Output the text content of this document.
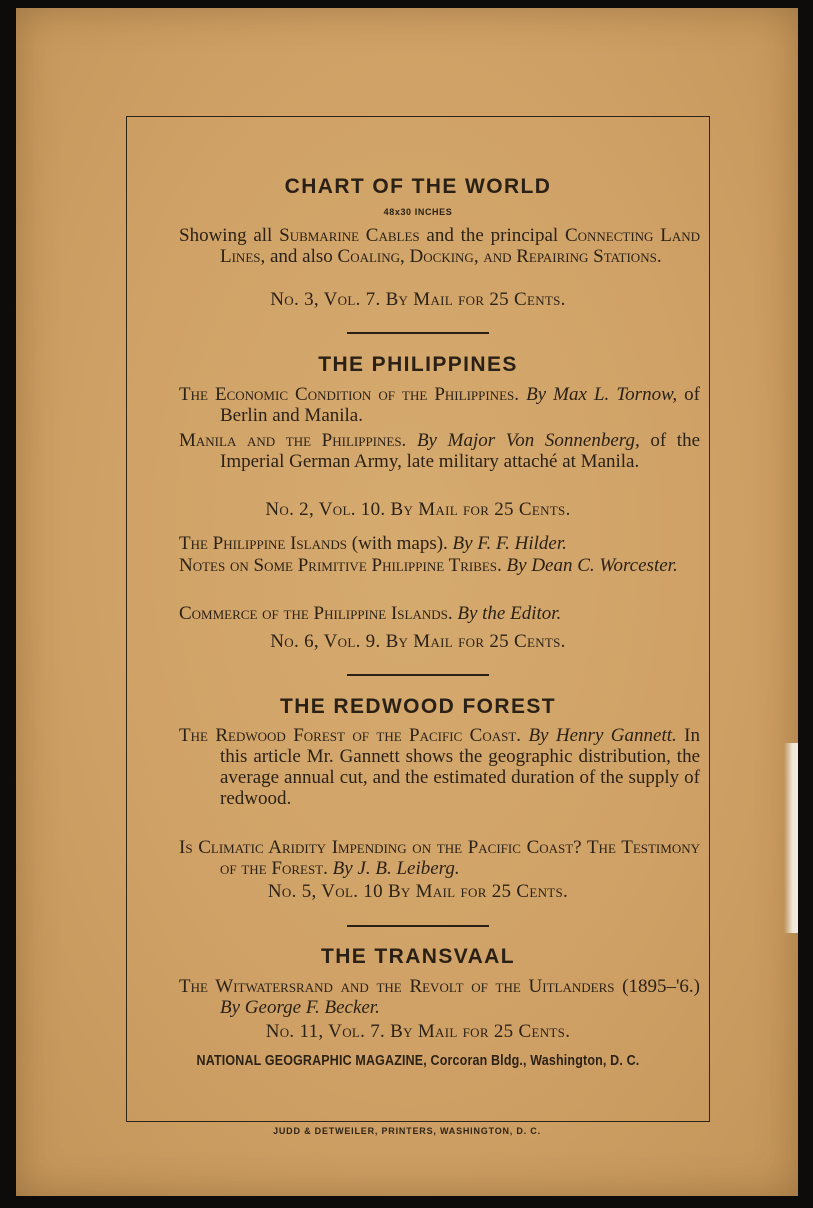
CHART OF THE WORLD
48x30 INCHES

Showing all Submarine Cables and the principal Connecting Land Lines, and also Coaling, Docking, and Repairing Stations.

No. 3, Vol. 7. By Mail for 25 Cents.
THE PHILIPPINES

The Economic Condition of the Philippines. By Max L. Tornow, of Berlin and Manila.

Manila and the Philippines. By Major Von Sonnenberg, of the Imperial German Army, late military attaché at Manila.

No. 2, Vol. 10. By Mail for 25 Cents.

The Philippine Islands (with maps). By F. F. Hilder.

Notes on Some Primitive Philippine Tribes. By Dean C. Worcester.

Commerce of the Philippine Islands. By the Editor.

No. 6, Vol. 9. By Mail for 25 Cents.
THE REDWOOD FOREST

The Redwood Forest of the Pacific Coast. By Henry Gannett. In this article Mr. Gannett shows the geographic distribution, the average annual cut, and the estimated duration of the supply of redwood.

Is Climatic Aridity Impending on the Pacific Coast? The Testimony of the Forest. By J. B. Leiberg.

No. 5, Vol. 10 By Mail for 25 Cents.
THE TRANSVAAL

The Witwatersrand and the Revolt of the Uitlanders (1895–'6.) By George F. Becker.

No. 11, Vol. 7. By Mail for 25 Cents.
NATIONAL GEOGRAPHIC MAGAZINE, Corcoran Bldg., Washington, D. C.
JUDD & DETWEILER, PRINTERS, WASHINGTON, D. C.
